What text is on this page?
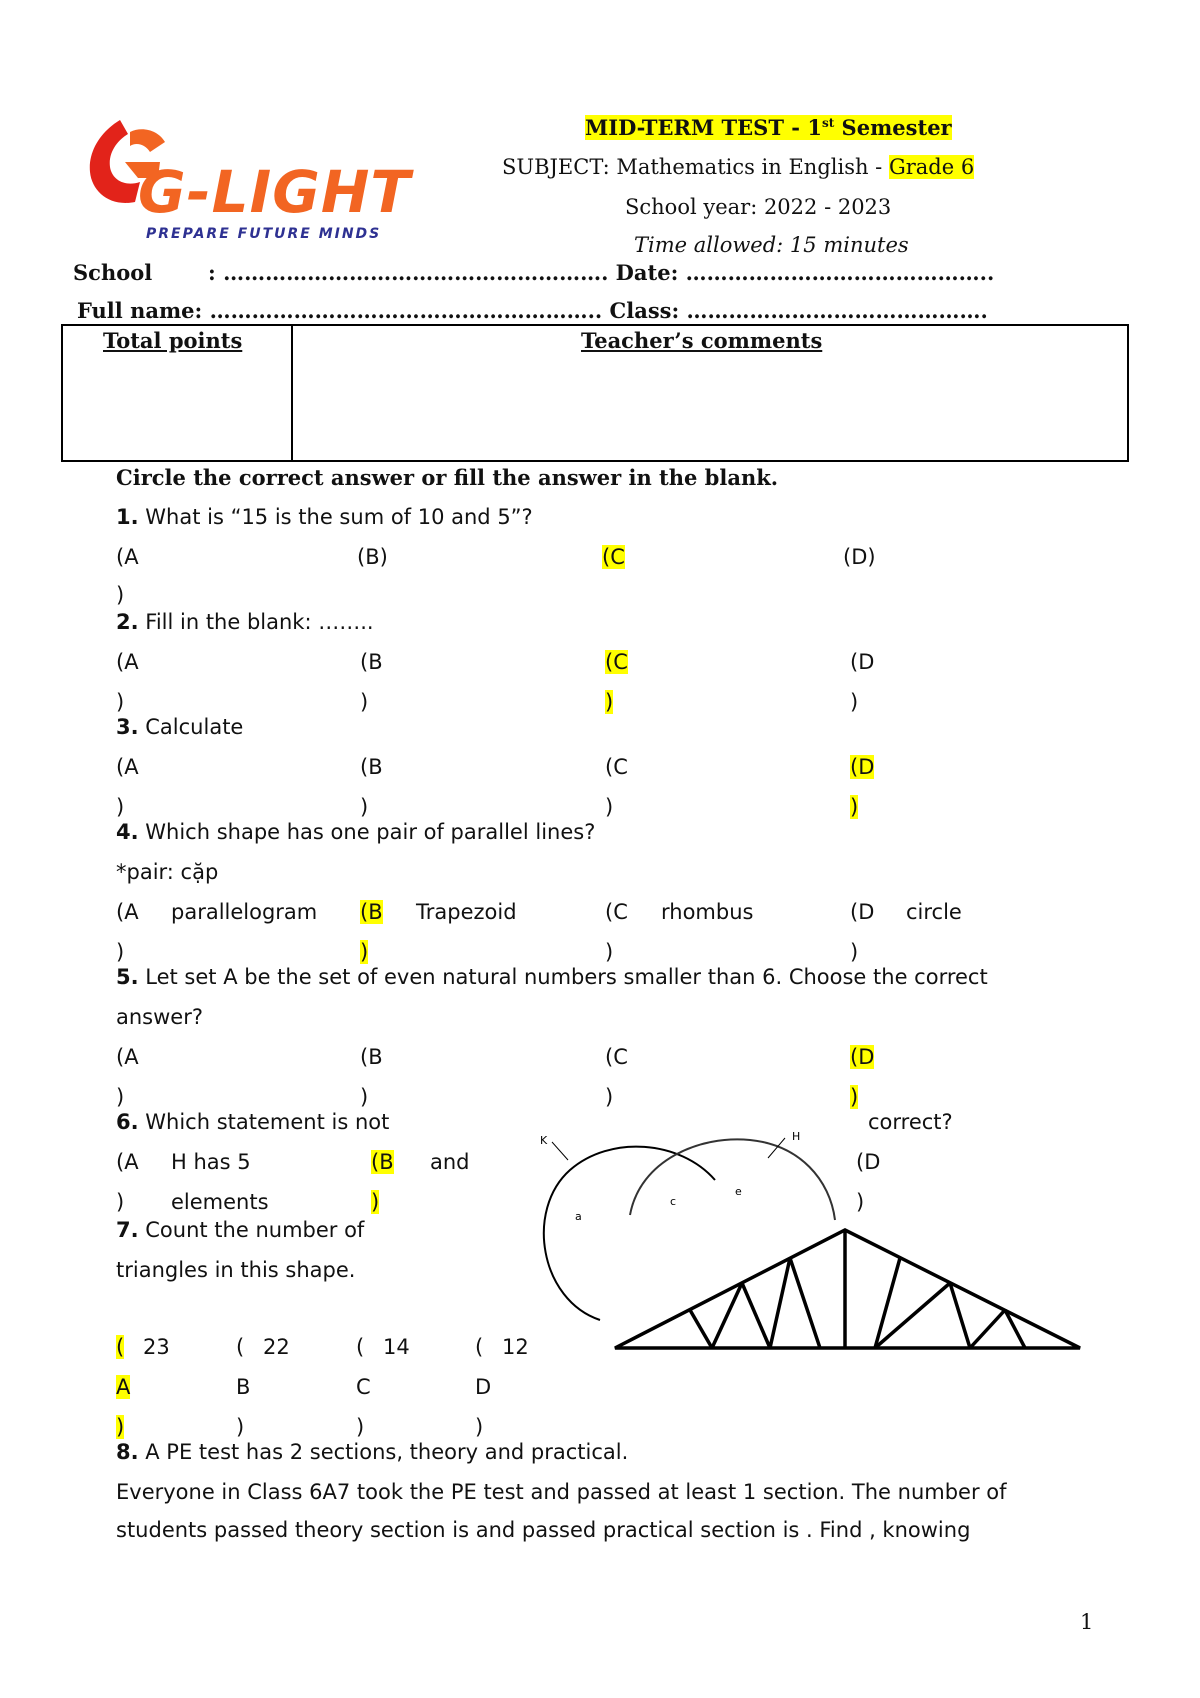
G-LIGHT
PREPARE FUTURE MINDS
MID-TERM TEST - 1st Semester
SUBJECT: Mathematics in English - Grade 6
School year: 2022 - 2023
Time allowed: 15 minutes
School	: ………………………………………………. Date: ……………………………………..
Full name: ……………………………………………….. Class: …………………………………….
Total points	Teacher’s comments
Circle the correct answer or fill the answer in the blank.
1. What is “15 is the sum of 10 and 5”?
(A
)
(B)	(C	(D)
2. Fill in the blank: ……..
(A	(B	(C	(D
)	)	)	)
3. Calculate
(A	(B	(C	(D
)	)	)	)
4. Which shape has one pair of parallel lines?
*pair: cặp
(A parallelogram (B Trapezoid	(C rhombus	(D circle
)	)	)	)
5. Let set A be the set of even natural numbers smaller than 6. Choose the correct
answer?
(A	(B	(C	(D
)	)	)	)
6. Which statement is not	correct?
(A H has 5	(B and	(D
) elements	)	)
7. Count the number of
triangles in this shape.
( 23
A
)
( 22
B
)
( 14
C
)
( 12
D
)
K	H
c
e
a
8. A PE test has 2 sections, theory and practical.
Everyone in Class 6A7 took the PE test and passed at least 1 section. The number of
students passed theory section is and passed practical section is . Find , knowing
1
